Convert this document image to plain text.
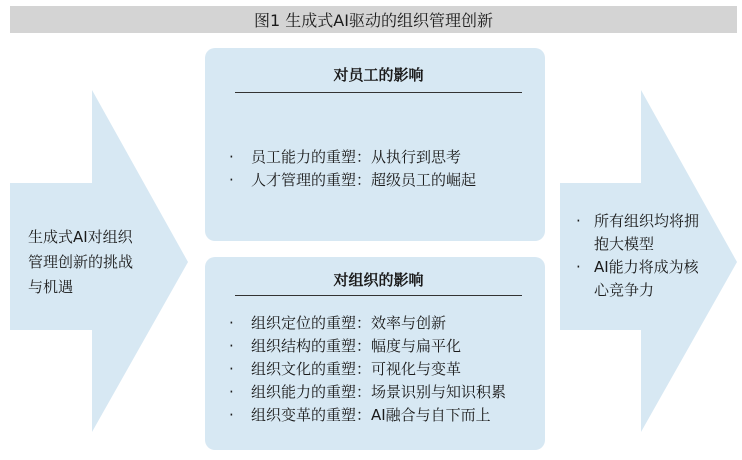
图1 生成式AI驱动的组织管理创新
生成式AI对组织
管理创新的挑战
与机遇
对员工的影响
· 员工能力的重塑：从执行到思考
· 人才管理的重塑：超级员工的崛起
对组织的影响
· 组织定位的重塑：效率与创新
· 组织结构的重塑：幅度与扁平化
· 组织文化的重塑：可视化与变革
· 组织能力的重塑：场景识别与知识积累
· 组织变革的重塑：AI融合与自下而上
· 所有组织均将拥抱大模型
· AI能力将成为核心竞争力
